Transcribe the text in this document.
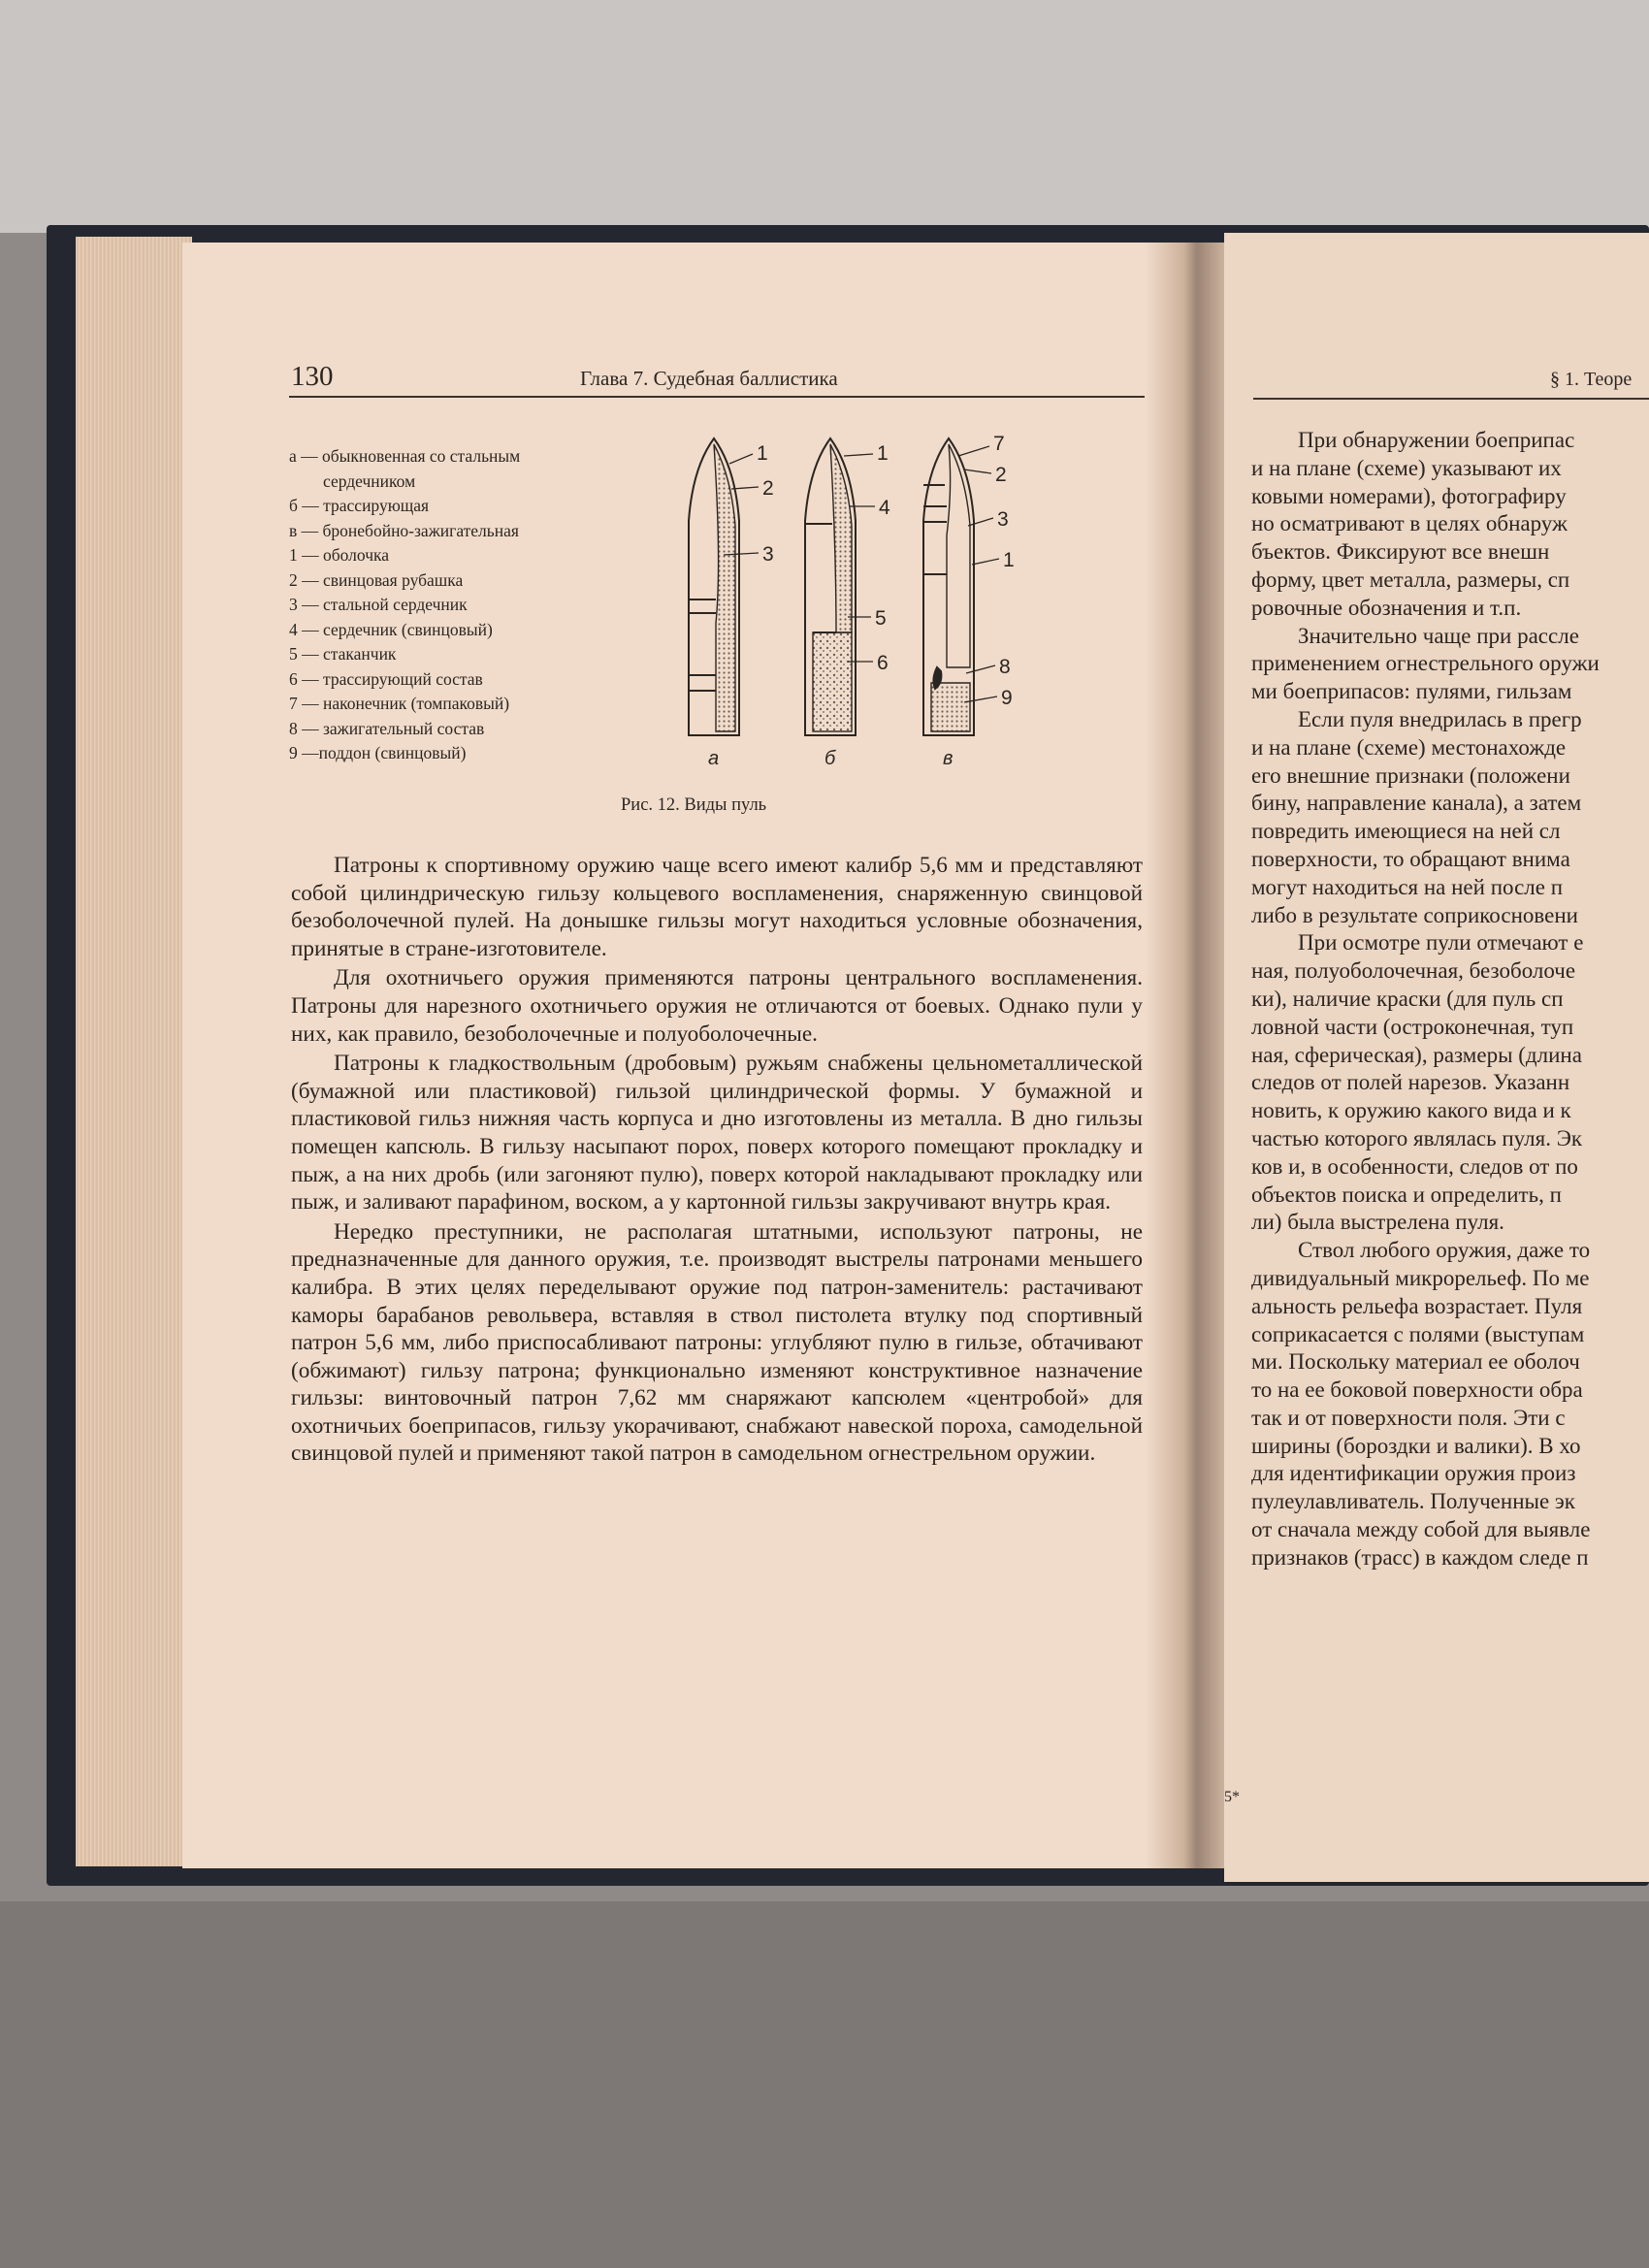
130	Глава 7. Судебная баллистика
а — обыкновенная со стальным
сердечником
б — трассирующая
в — бронебойно-зажигательная
1 — оболочка
2 — свинцовая рубашка
3 — стальной сердечник
4 — сердечник (свинцовый)
5 — стаканчик
6 — трассирующий состав
7 — наконечник (томпаковый)
8 — зажигательный состав
9 —поддон (свинцовый)
1
2
3
1
4
5
6
7
2
3
1
8
9
а	б	в
Рис. 12. Виды пуль

Патроны к спортивному оружию чаще всего имеют калибр 5,6 мм и представляют собой цилиндрическую гильзу кольцевого воспламенения, снаряженную свинцовой безоболочечной пулей. На донышке гильзы могут находиться условные обозначения, принятые в стране-изготовителе.

Для охотничьего оружия применяются патроны центрального воспламенения. Патроны для нарезного охотничьего оружия не отличаются от боевых. Однако пули у них, как правило, безоболочечные и полуоболочечные.

Патроны к гладкоствольным (дробовым) ружьям снабжены цельнометаллической (бумажной или пластиковой) гильзой цилиндрической формы. У бумажной и пластиковой гильз нижняя часть корпуса и дно изготовлены из металла. В дно гильзы помещен капсюль. В гильзу насыпают порох, поверх которого помещают прокладку и пыж, а на них дробь (или загоняют пулю), поверх которой накладывают прокладку или пыж, и заливают парафином, воском, а у картонной гильзы закручивают внутрь края.

Нередко преступники, не располагая штатными, используют патроны, не предназначенные для данного оружия, т.е. производят выстрелы патронами меньшего калибра. В этих целях переделывают оружие под патрон-заменитель: растачивают каморы барабанов револьвера, вставляя в ствол пистолета втулку под спортивный патрон 5,6 мм, либо приспосабливают патроны: углубляют пулю в гильзе, обтачивают (обжимают) гильзу патрона; функционально изменяют конструктивное назначение гильзы: винтовочный патрон 7,62 мм снаряжают капсюлем «центробой» для охотничьих боеприпасов, гильзу укорачивают, снабжают навеской пороха, самодельной свинцовой пулей и применяют такой патрон в самодельном огнестрельном оружии.

§ 1. Теоре
При обнаружении боеприпас
и на плане (схеме) указывают их
ковыми номерами), фотографиру
но осматривают в целях обнаруж
бъектов. Фиксируют все внешн
форму, цвет металла, размеры, сп
ровочные обозначения и т.п.
Значительно чаще при рассле
применением огнестрельного оружи
ми боеприпасов: пулями, гильзам
Если пуля внедрилась в прегр
и на плане (схеме) местонахожде
его внешние признаки (положени
бину, направление канала), а затем
повредить имеющиеся на ней сл
поверхности, то обращают внима
могут находиться на ней после п
либо в результате соприкосновени
При осмотре пули отмечают е
ная, полуоболочечная, безоболоче
ки), наличие краски (для пуль сп
ловной части (остроконечная, туп
ная, сферическая), размеры (длина
следов от полей нарезов. Указанн
новить, к оружию какого вида и к
частью которого являлась пуля. Эк
ков и, в особенности, следов от по
объектов поиска и определить, п
ли) была выстрелена пуля.
Ствол любого оружия, даже то
дивидуальный микрорельеф. По ме
альность рельефа возрастает. Пуля
соприкасается с полями (выступам
ми. Поскольку материал ее оболоч
то на ее боковой поверхности обра
так и от поверхности поля. Эти с
ширины (бороздки и валики). В хо
для идентификации оружия произ
пулеулавливатель. Полученные эк
от сначала между собой для выявле
признаков (трасс) в каждом следе п
5*
